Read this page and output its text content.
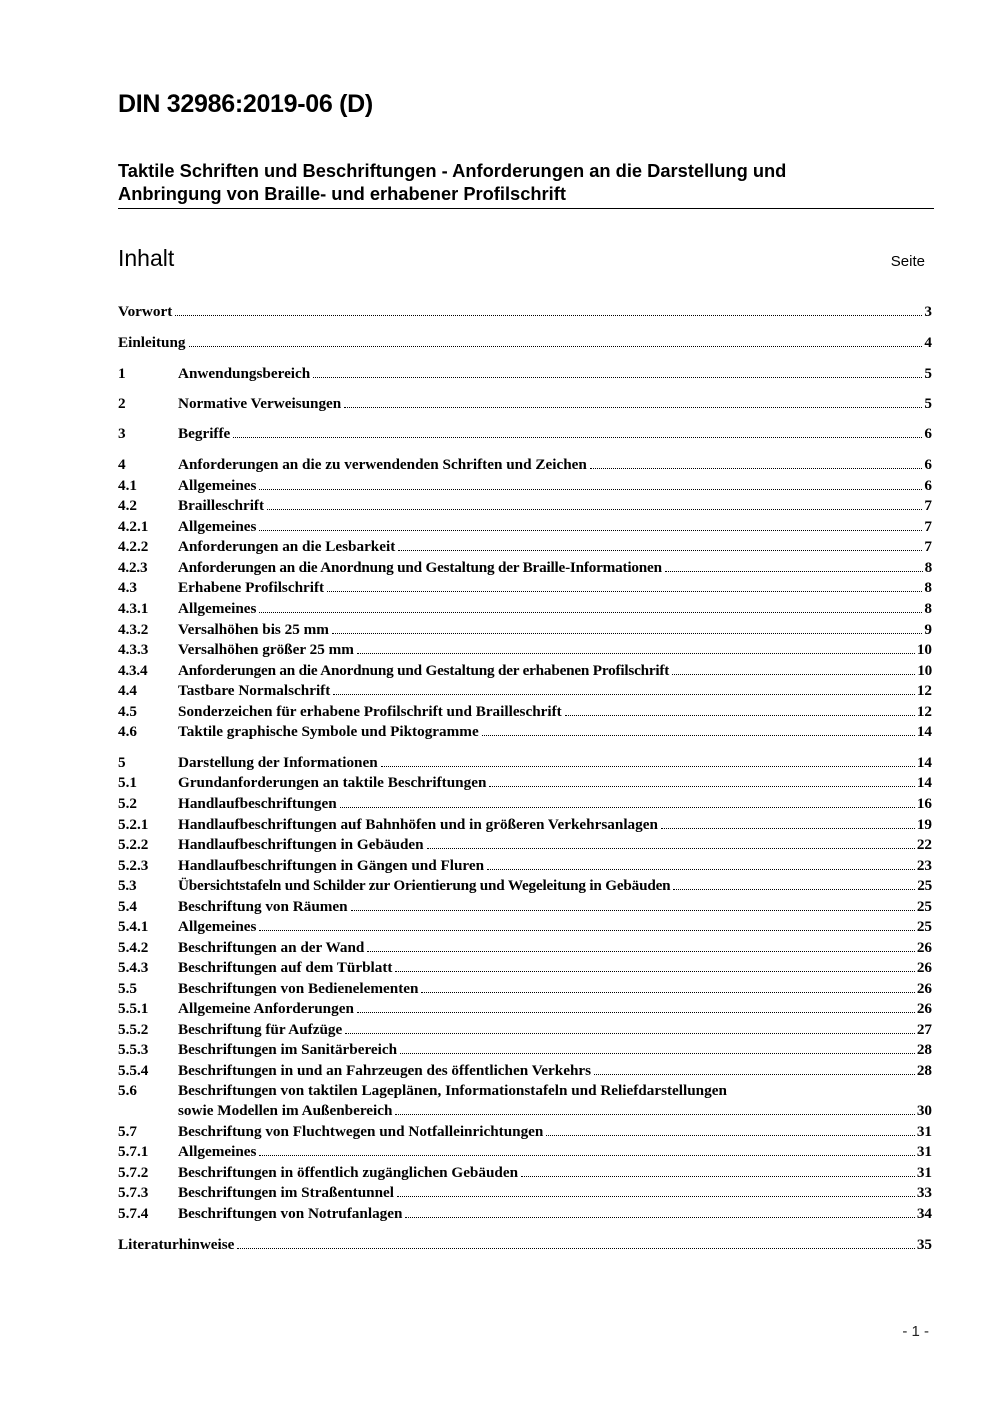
DIN 32986:2019-06 (D)
Taktile Schriften und Beschriftungen - Anforderungen an die Darstellung und
Anbringung von Braille- und erhabener Profilschrift
Inhalt	Seite
Vorwort	3
Einleitung	4
1	Anwendungsbereich	5
2	Normative Verweisungen	5
3	Begriffe	6
4	Anforderungen an die zu verwendenden Schriften und Zeichen	6
4.1	Allgemeines	6
4.2	Brailleschrift	7
4.2.1 Allgemeines	7
4.2.2 Anforderungen an die Lesbarkeit	7
4.2.3 Anforderungen an die Anordnung und Gestaltung der Braille-Informationen	8
4.3	Erhabene Profilschrift	8
4.3.1 Allgemeines	8
4.3.2 Versalhöhen bis 25 mm	9
4.3.3 Versalhöhen größer 25 mm	10
4.3.4 Anforderungen an die Anordnung und Gestaltung der erhabenen Profilschrift	10
4.4	Tastbare Normalschrift	12
4.5	Sonderzeichen für erhabene Profilschrift und Brailleschrift	12
4.6	Taktile graphische Symbole und Piktogramme	14
5	Darstellung der Informationen	14
5.1	Grundanforderungen an taktile Beschriftungen	14
5.2	Handlaufbeschriftungen	16
5.2.1 Handlaufbeschriftungen auf Bahnhöfen und in größeren Verkehrsanlagen	19
5.2.2 Handlaufbeschriftungen in Gebäuden	22
5.2.3 Handlaufbeschriftungen in Gängen und Fluren	23
5.3	Übersichtstafeln und Schilder zur Orientierung und Wegeleitung in Gebäuden	25
5.4	Beschriftung von Räumen	25
5.4.1 Allgemeines	25
5.4.2 Beschriftungen an der Wand	26
5.4.3 Beschriftungen auf dem Türblatt	26
5.5	Beschriftungen von Bedienelementen	26
5.5.1 Allgemeine Anforderungen	26
5.5.2 Beschriftung für Aufzüge	27
5.5.3 Beschriftungen im Sanitärbereich	28
5.5.4 Beschriftungen in und an Fahrzeugen des öffentlichen Verkehrs	28
5.6	Beschriftungen von taktilen Lageplänen, Informationstafeln und Reliefdarstellungen
sowie Modellen im Außenbereich	30
5.7	Beschriftung von Fluchtwegen und Notfalleinrichtungen	31
5.7.1 Allgemeines	31
5.7.2 Beschriftungen in öffentlich zugänglichen Gebäuden	31
5.7.3 Beschriftungen im Straßentunnel	33
5.7.4 Beschriftungen von Notrufanlagen	34
Literaturhinweise	35
- 1 -
